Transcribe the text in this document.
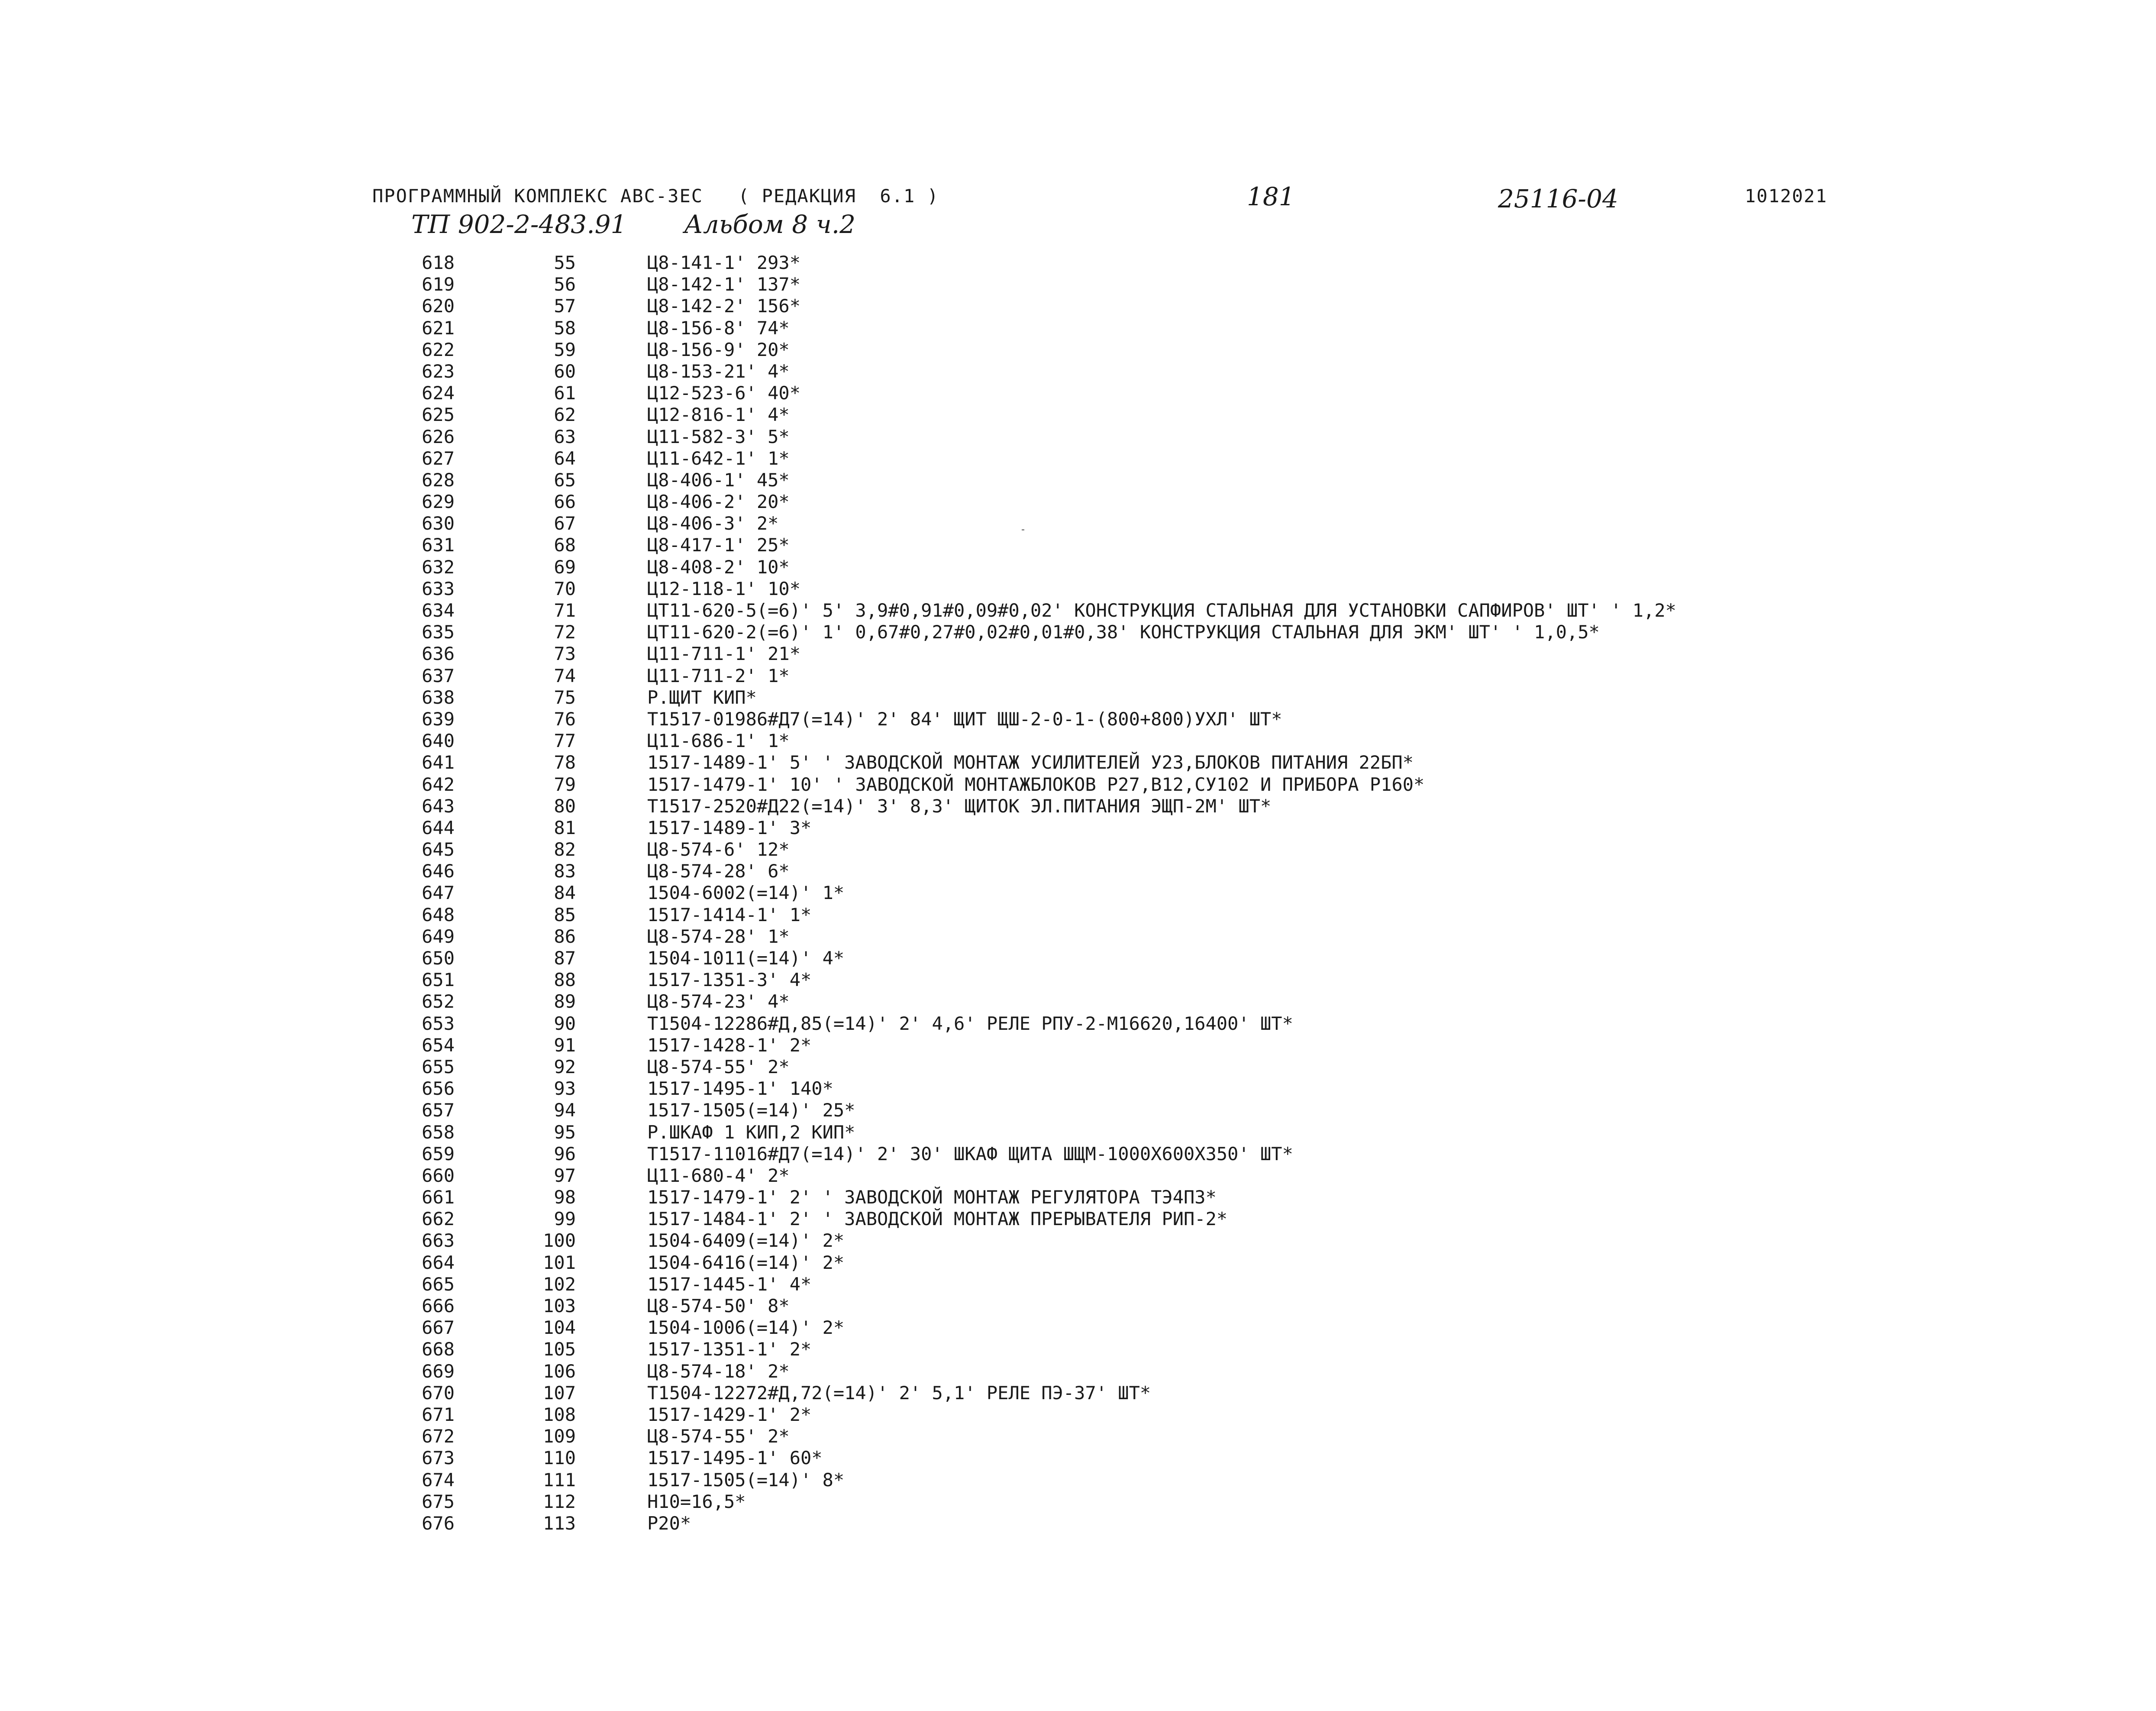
ПРОГРАММНЫЙ КОМПЛЕКС АВС-3ЕС ( РЕДАКЦИЯ  6.1 )	181	25116-04	1012021
ТП 902-2-483.91 Альбом 8 ч.2
618	55	Ц8-141-1' 293*
619	56	Ц8-142-1' 137*
620	57	Ц8-142-2' 156*
621	58	Ц8-156-8' 74*
622	59	Ц8-156-9' 20*
623	60	Ц8-153-21' 4*
624	61	Ц12-523-6' 40*
625	62	Ц12-816-1' 4*
626	63	Ц11-582-3' 5*
627	64	Ц11-642-1' 1*
628	65	Ц8-406-1' 45*
629	66	Ц8-406-2' 20*
630	67	Ц8-406-3' 2*
631	68	Ц8-417-1' 25*
632	69	Ц8-408-2' 10*
633	70	Ц12-118-1' 10*
634	71	ЦТ11-620-5(=6)' 5' 3,9#0,91#0,09#0,02' КОНСТРУКЦИЯ СТАЛЬНАЯ ДЛЯ УСТАНОВКИ САПФИРОВ' ШТ' ' 1,2*
635	72	ЦТ11-620-2(=6)' 1' 0,67#0,27#0,02#0,01#0,38' КОНСТРУКЦИЯ СТАЛЬНАЯ ДЛЯ ЭКМ' ШТ' ' 1,0,5*
636	73	Ц11-711-1' 21*
637	74	Ц11-711-2' 1*
638	75	Р.ЩИТ КИП*
639	76	Т1517-01986#Д7(=14)' 2' 84' ЩИТ ЩШ-2-0-1-(800+800)УХЛ' ШТ*
640	77	Ц11-686-1' 1*
641	78	1517-1489-1' 5' ' ЗАВОДСКОЙ МОНТАЖ УСИЛИТЕЛЕЙ У23,БЛОКОВ ПИТАНИЯ 22БП*
642	79	1517-1479-1' 10' ' ЗАВОДСКОЙ МОНТАЖБЛОКОВ Р27,В12,СУ102 И ПРИБОРА Р160*
643	80	Т1517-2520#Д22(=14)' 3' 8,3' ЩИТОК ЭЛ.ПИТАНИЯ ЭЩП-2М' ШТ*
644	81	1517-1489-1' 3*
645	82	Ц8-574-6' 12*
646	83	Ц8-574-28' 6*
647	84	1504-6002(=14)' 1*
648	85	1517-1414-1' 1*
649	86	Ц8-574-28' 1*
650	87	1504-1011(=14)' 4*
651	88	1517-1351-3' 4*
652	89	Ц8-574-23' 4*
653	90	Т1504-12286#Д,85(=14)' 2' 4,6' РЕЛЕ РПУ-2-М16620,16400' ШТ*
654	91	1517-1428-1' 2*
655	92	Ц8-574-55' 2*
656	93	1517-1495-1' 140*
657	94	1517-1505(=14)' 25*
658	95	Р.ШКАФ 1 КИП,2 КИП*
659	96	Т1517-11016#Д7(=14)' 2' 30' ШКАФ ЩИТА ШЩМ-1000Х600Х350' ШТ*
660	97	Ц11-680-4' 2*
661	98	1517-1479-1' 2' ' ЗАВОДСКОЙ МОНТАЖ РЕГУЛЯТОРА ТЭ4П3*
662	99	1517-1484-1' 2' ' ЗАВОДСКОЙ МОНТАЖ ПРЕРЫВАТЕЛЯ РИП-2*
663	100	1504-6409(=14)' 2*
664	101	1504-6416(=14)' 2*
665	102	1517-1445-1' 4*
666	103	Ц8-574-50' 8*
667	104	1504-1006(=14)' 2*
668	105	1517-1351-1' 2*
669	106	Ц8-574-18' 2*
670	107	Т1504-12272#Д,72(=14)' 2' 5,1' РЕЛЕ ПЭ-37' ШТ*
671	108	1517-1429-1' 2*
672	109	Ц8-574-55' 2*
673	110	1517-1495-1' 60*
674	111	1517-1505(=14)' 8*
675	112	Н10=16,5*
676	113	Р20*
